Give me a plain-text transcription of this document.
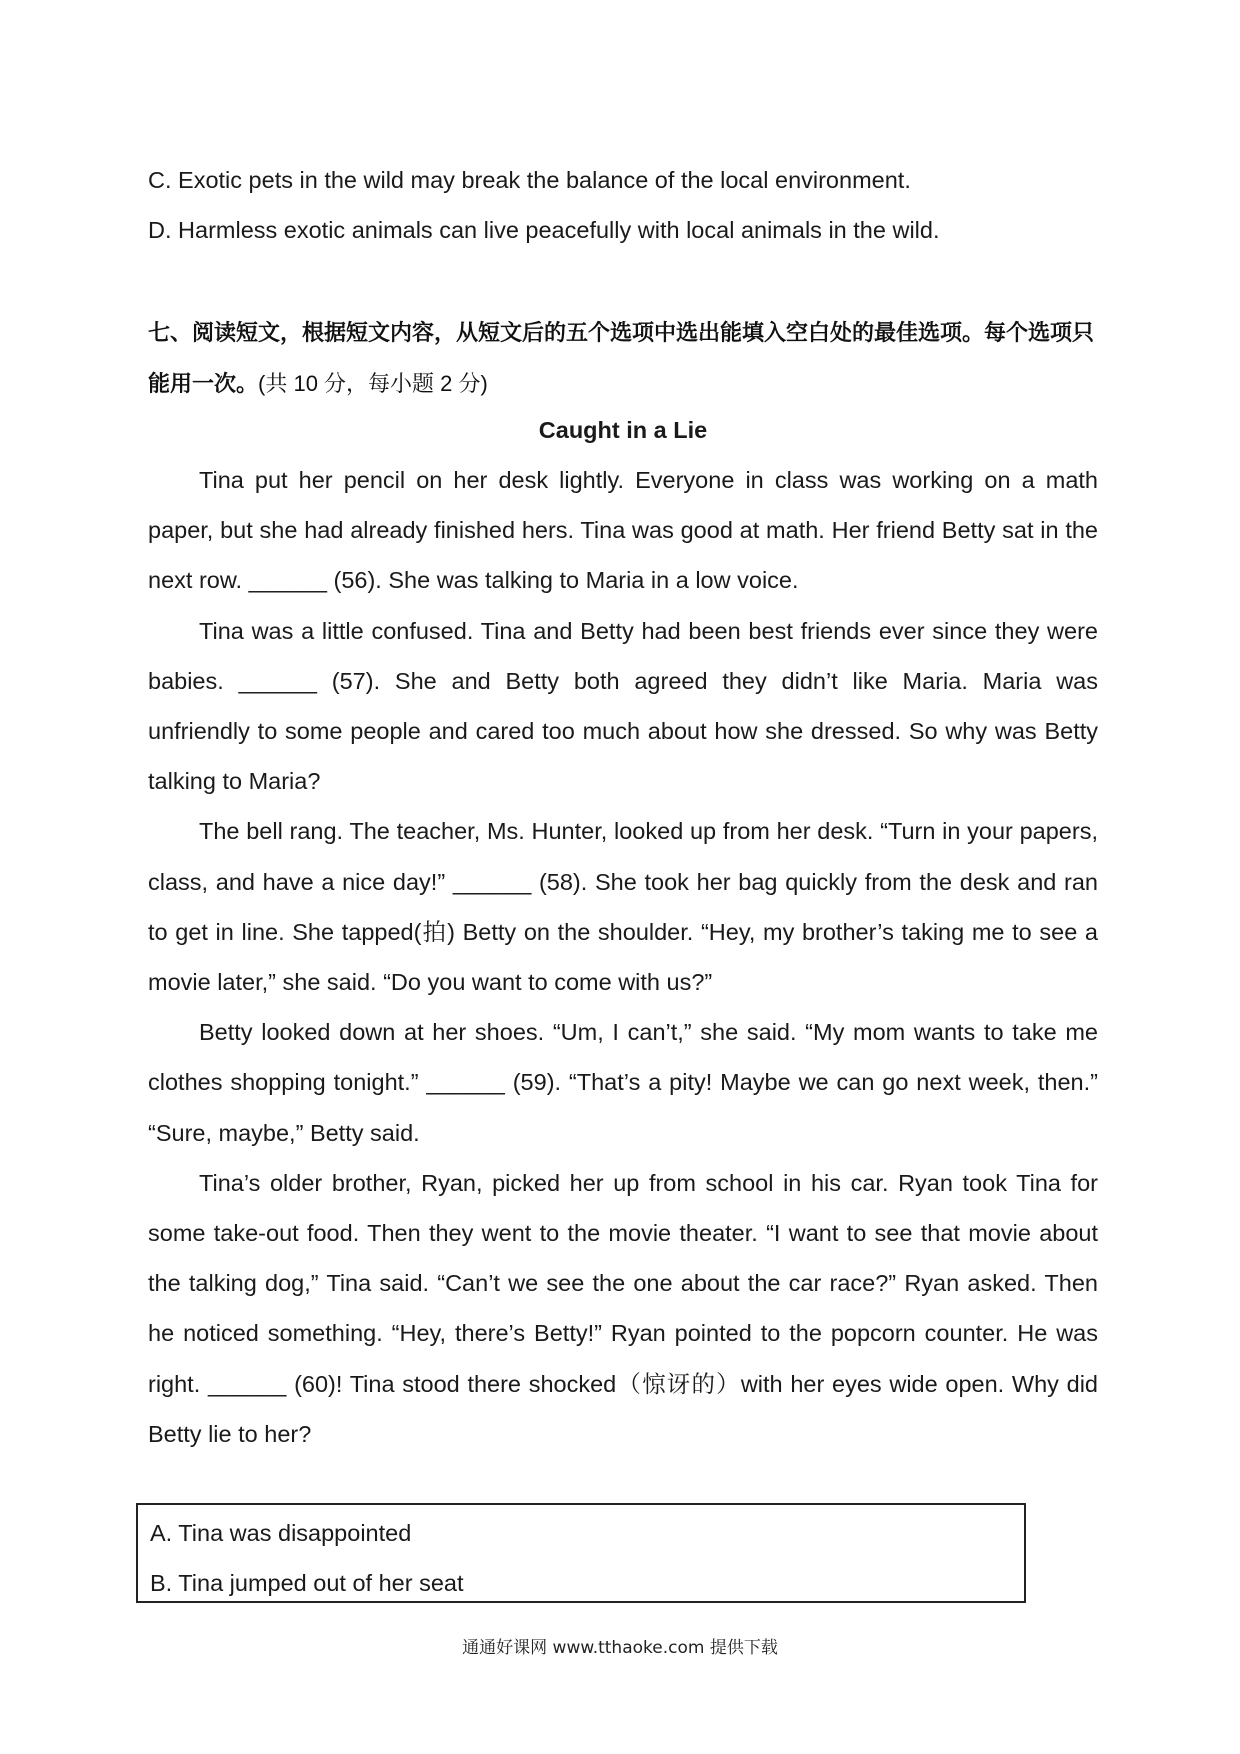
C. Exotic pets in the wild may break the balance of the local environment.
D. Harmless exotic animals can live peacefully with local animals in the wild.
七、阅读短文，根据短文内容，从短文后的五个选项中选出能填入空白处的最佳选项。每个选项只能用一次。(共 10 分，每小题 2 分)
Caught in a Lie

Tina put her pencil on her desk lightly. Everyone in class was working on a math paper, but she had already finished hers. Tina was good at math. Her friend Betty sat in the next row. ______ (56). She was talking to Maria in a low voice.

Tina was a little confused. Tina and Betty had been best friends ever since they were babies. ______ (57). She and Betty both agreed they didn’t like Maria. Maria was unfriendly to some people and cared too much about how she dressed. So why was Betty talking to Maria?

The bell rang. The teacher, Ms. Hunter, looked up from her desk. “Turn in your papers, class, and have a nice day!” ______ (58). She took her bag quickly from the desk and ran to get in line. She tapped(拍) Betty on the shoulder. “Hey, my brother’s taking me to see a movie later,” she said. “Do you want to come with us?”

Betty looked down at her shoes. “Um, I can’t,” she said. “My mom wants to take me clothes shopping tonight.” ______ (59). “That’s a pity! Maybe we can go next week, then.” “Sure, maybe,” Betty said.

Tina’s older brother, Ryan, picked her up from school in his car. Ryan took Tina for some take-out food. Then they went to the movie theater. “I want to see that movie about the talking dog,” Tina said. “Can’t we see the one about the car race?” Ryan asked. Then he noticed something. “Hey, there’s Betty!” Ryan pointed to the popcorn counter. He was right. ______ (60)! Tina stood there shocked（惊讶的）with her eyes wide open. Why did Betty lie to her?

A. Tina was disappointed
B. Tina jumped out of her seat
通通好课网 www.tthaoke.com 提供下载
